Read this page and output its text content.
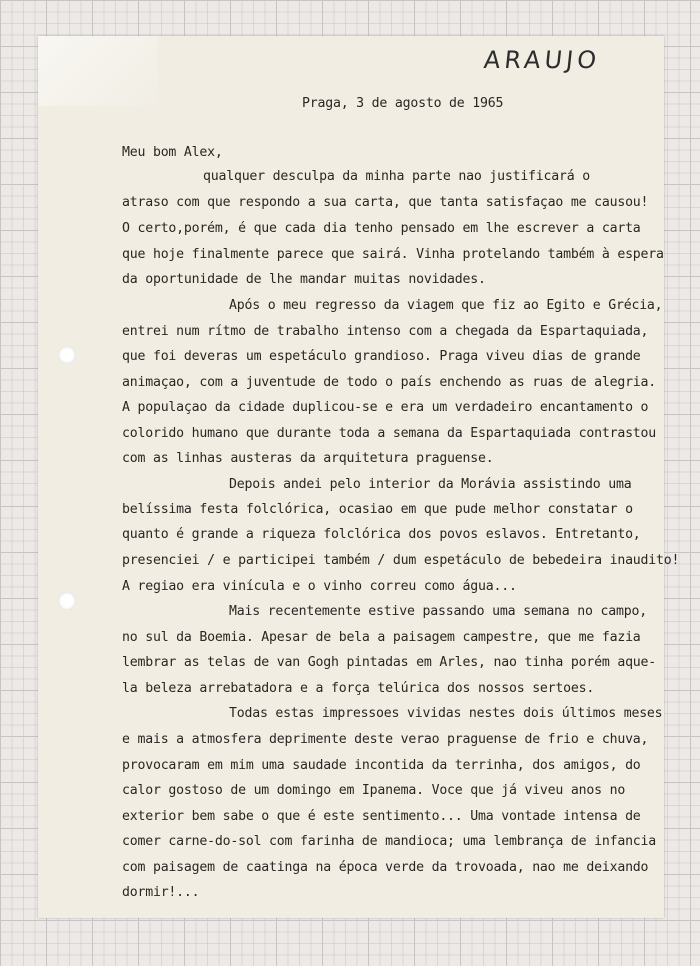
ARAUJO
Praga, 3 de agosto de 1965
Meu bom Alex,
qualquer desculpa da minha parte nao justificará o
atraso com que respondo a sua carta, que tanta satisfaçao me causou!
O certo,porém, é que cada dia tenho pensado em lhe escrever a carta
que hoje finalmente parece que sairá. Vinha protelando também à espera
da oportunidade de lhe mandar muitas novidades.
Após o meu regresso da viagem que fiz ao Egito e Grécia,
entrei num rítmo de trabalho intenso com a chegada da Espartaquiada,
que foi deveras um espetáculo grandioso. Praga viveu dias de grande
animaçao, com a juventude de todo o país enchendo as ruas de alegria.
A populaçao da cidade duplicou-se e era um verdadeiro encantamento o
colorido humano que durante toda a semana da Espartaquiada contrastou
com as linhas austeras da arquitetura praguense.
Depois andei pelo interior da Morávia assistindo uma
belíssima festa folclórica, ocasiao em que pude melhor constatar o
quanto é grande a riqueza folclórica dos povos eslavos. Entretanto,
presenciei / e participei também / dum espetáculo de bebedeira inaudito!
A regiao era vinícula e o vinho correu como água...
Mais recentemente estive passando uma semana no campo,
no sul da Boemia. Apesar de bela a paisagem campestre, que me fazia
lembrar as telas de van Gogh pintadas em Arles, nao tinha porém aque-
la beleza arrebatadora e a força telúrica dos nossos sertoes.
Todas estas impressoes vividas nestes dois últimos meses
e mais a atmosfera deprimente deste verao praguense de frio e chuva,
provocaram em mim uma saudade incontida da terrinha, dos amigos, do
calor gostoso de um domingo em Ipanema. Voce que já viveu anos no
exterior bem sabe o que é este sentimento... Uma vontade intensa de
comer carne-do-sol com farinha de mandioca; uma lembrança de infancia
com paisagem de caatinga na época verde da trovoada, nao me deixando
dormir!...
